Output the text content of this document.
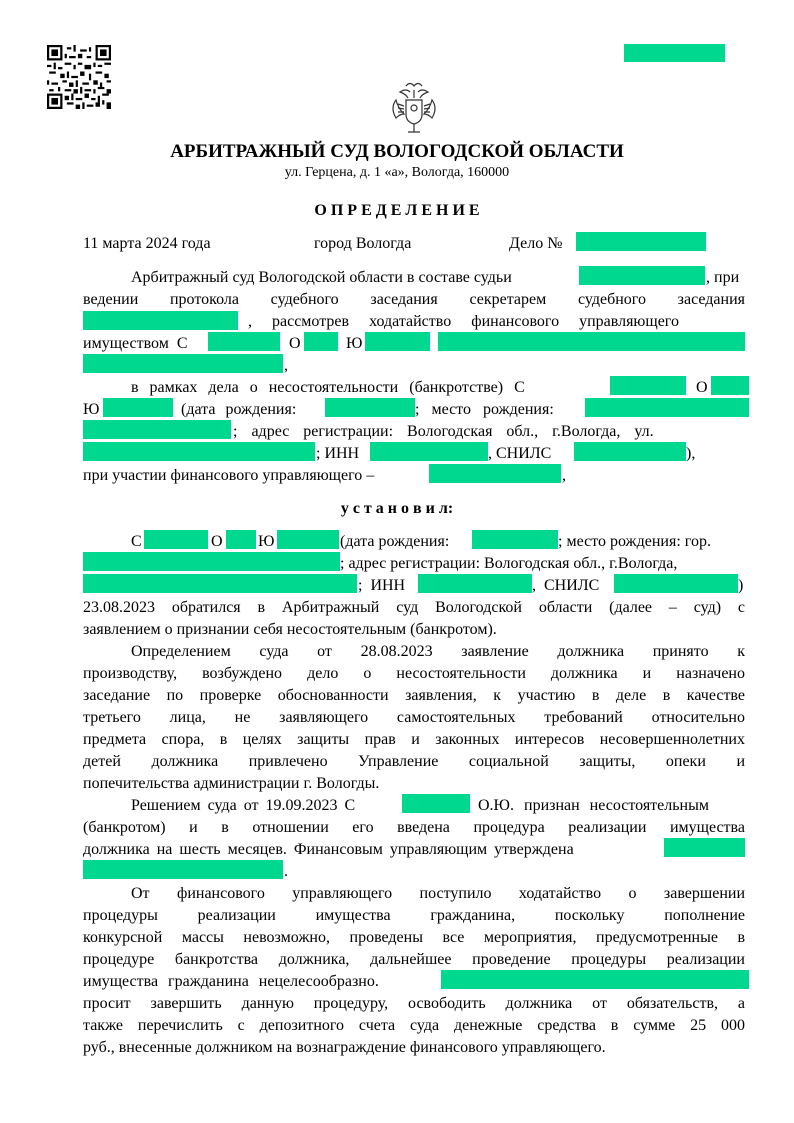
АРБИТРАЖНЫЙ СУД ВОЛОГОДСКОЙ ОБЛАСТИ
ул. Герцена, д. 1 «а», Вологда, 160000
О П Р Е Д Е Л Е Н И Е
11 марта 2024 года	город Вологда	Дело №
Арбитражный суд Вологодской области в составе судьи	, при
ведении протокола судебного заседания секретарем судебного заседания
, рассмотрев ходатайство финансового управляющего
имуществом С	О	Ю
,
в рамках дела о несостоятельности (банкротстве) С	О
Ю	(дата рождения:	; место рождения:
; адрес регистрации: Вологодская обл., г.Вологда, ул.
; ИНН	, СНИЛС	),
при участии финансового управляющего –	,
у с т а н о в и л:
С	О Ю	(дата рождения:	; место рождения: гор.
; адрес регистрации: Вологодская обл., г.Вологда,
; ИНН	, СНИЛС	)
23.08.2023 обратился в Арбитражный суд Вологодской области (далее – суд) с
заявлением о признании себя несостоятельным (банкротом).
Определением суда от 28.08.2023 заявление должника принято к
производству, возбуждено дело о несостоятельности должника и назначено
заседание по проверке обоснованности заявления, к участию в деле в качестве
третьего лица, не заявляющего самостоятельных требований относительно
предмета спора, в целях защиты прав и законных интересов несовершеннолетних
детей должника привлечено Управление социальной защиты, опеки и
попечительства администрации г. Вологды.
Решением суда от 19.09.2023 С	О.Ю. признан несостоятельным
(банкротом) и в отношении его введена процедура реализации имущества
должника на шесть месяцев. Финансовым управляющим утверждена
.
От финансового управляющего поступило ходатайство о завершении
процедуры реализации имущества гражданина, поскольку пополнение
конкурсной массы невозможно, проведены все мероприятия, предусмотренные в
процедуре банкротства должника, дальнейшее проведение процедуры реализации
имущества гражданина нецелесообразно.
просит завершить данную процедуру, освободить должника от обязательств, а
также перечислить с депозитного счета суда денежные средства в сумме 25 000
руб., внесенные должником на вознаграждение финансового управляющего.
